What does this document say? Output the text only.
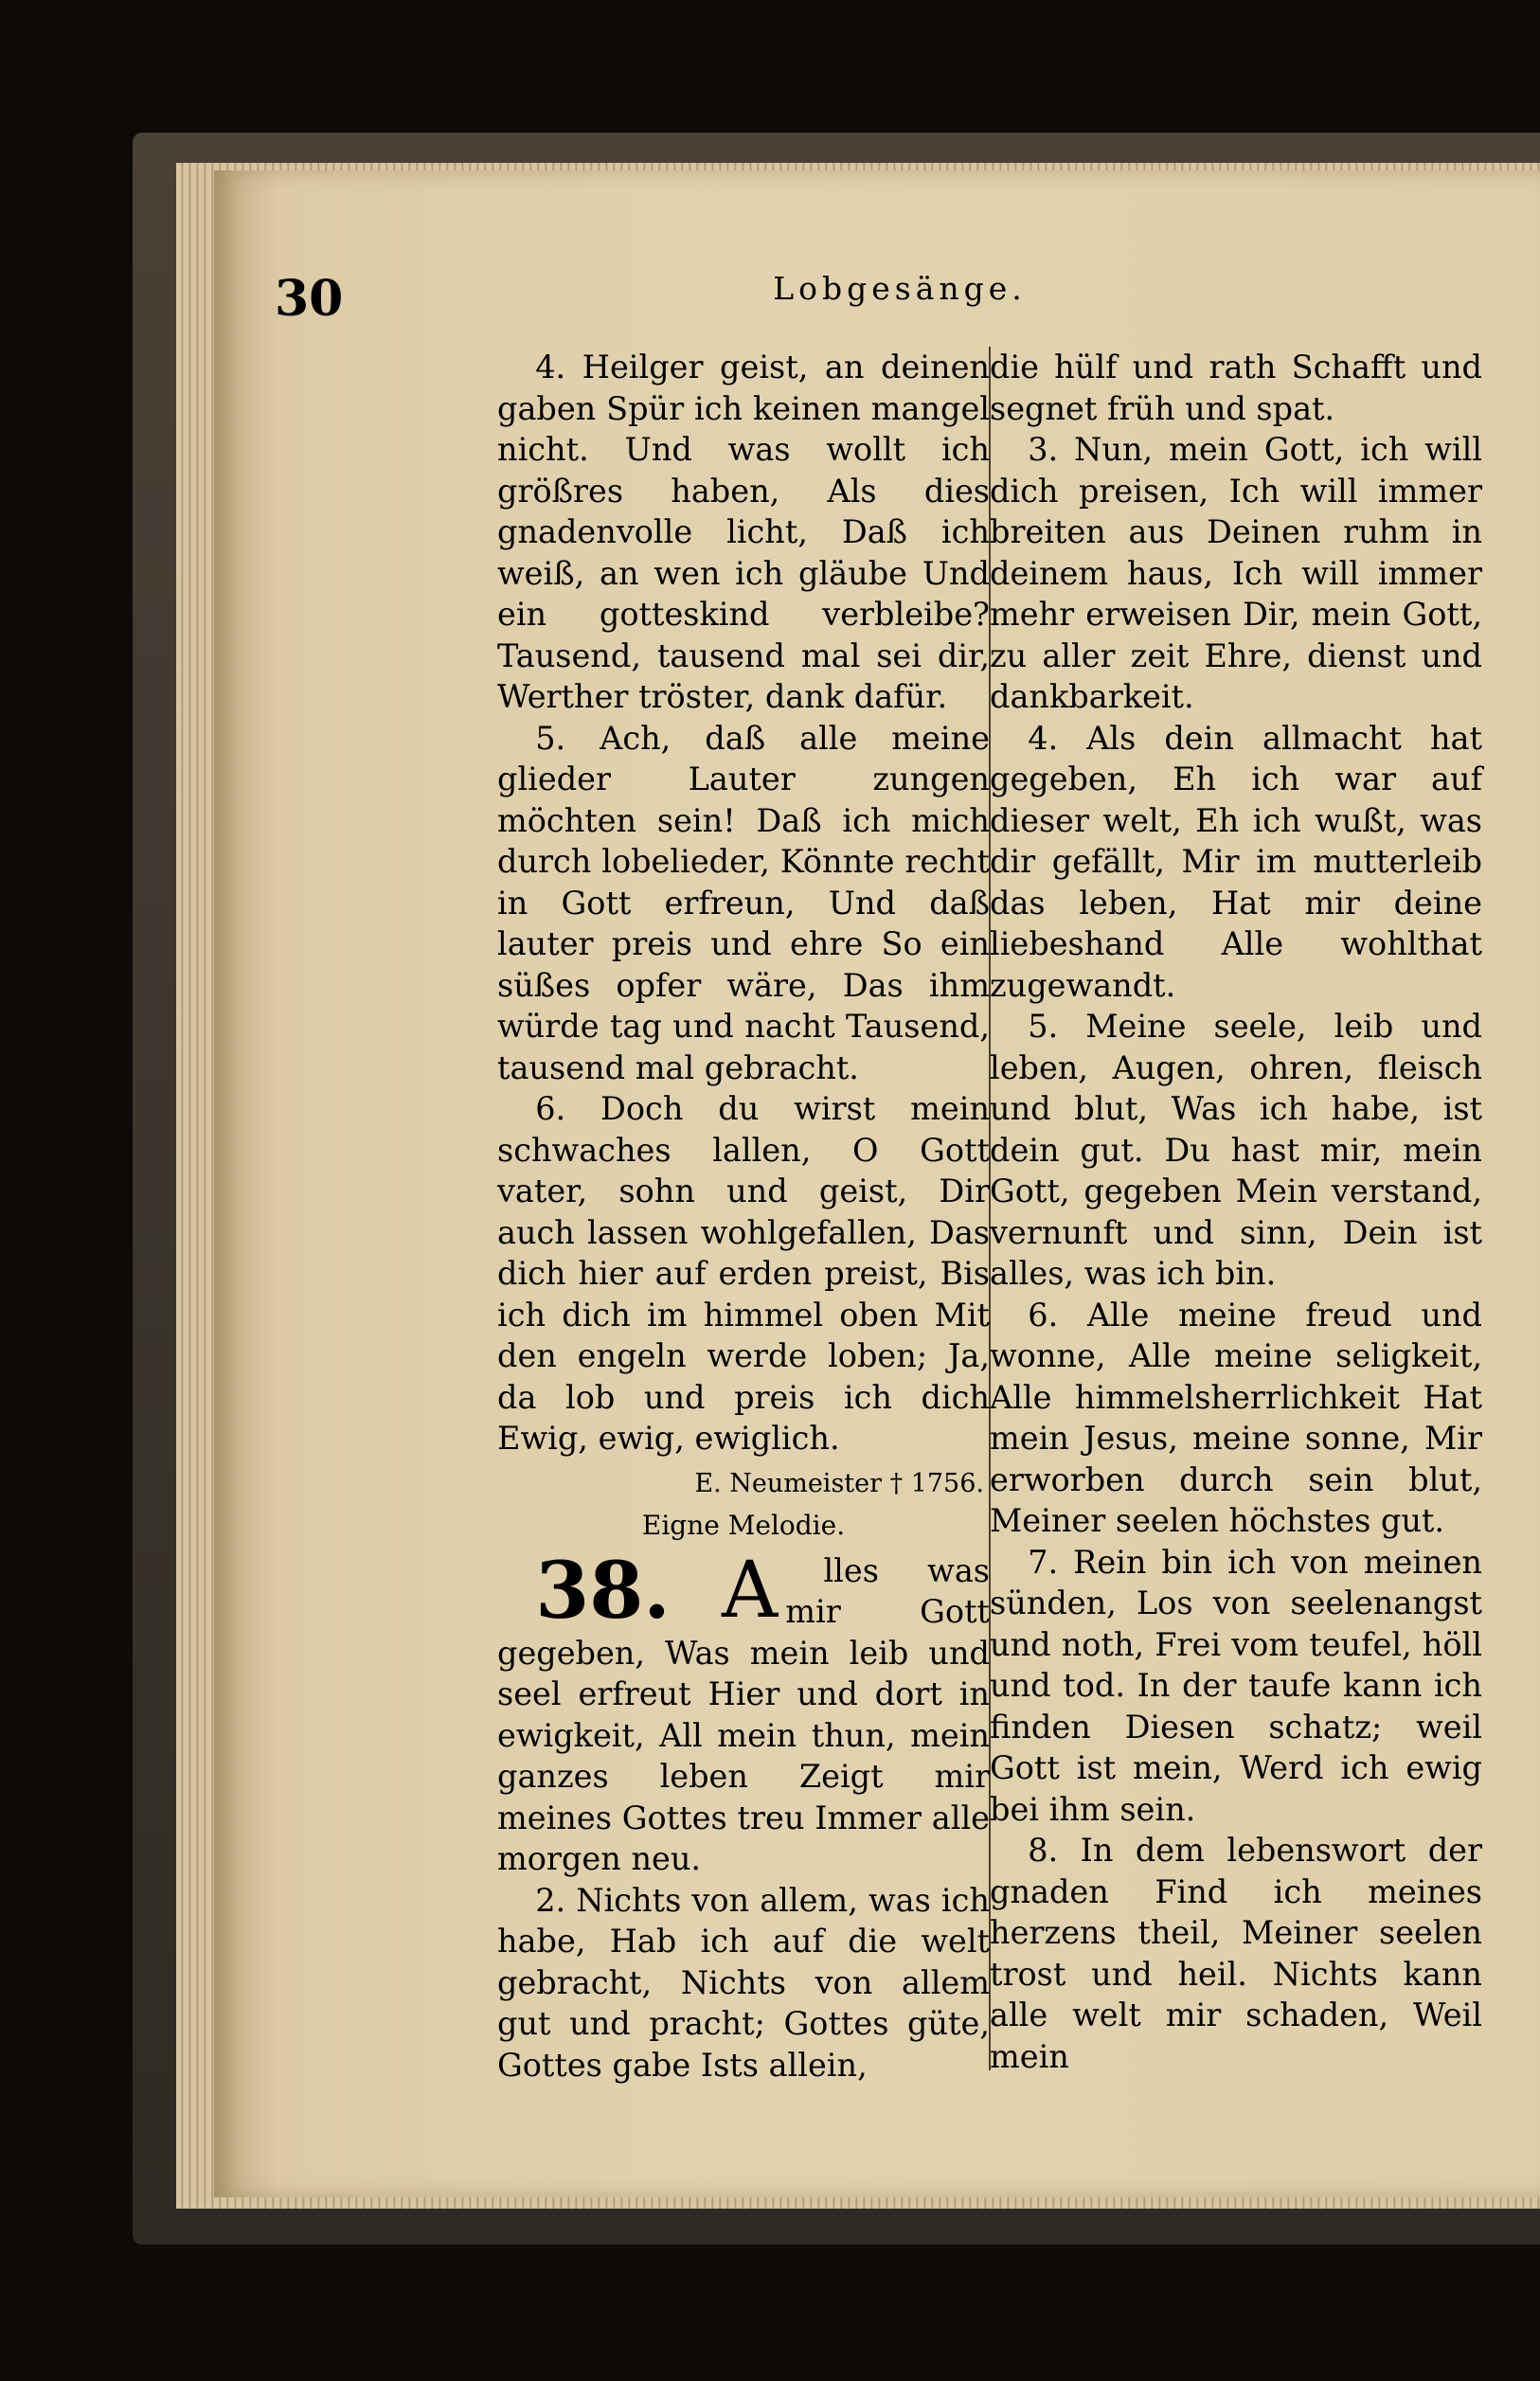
30	Lobgesänge.

4. Heilger geist, an deinen gaben Spür ich keinen mangel nicht. Und was wollt ich größres haben, Als dies gnadenvolle licht, Daß ich weiß, an wen ich gläube Und ein gotteskind verbleibe? Tausend, tausend mal sei dir, Werther tröster, dank dafür.

5. Ach, daß alle meine glieder Lauter zungen möchten sein! Daß ich mich durch lobelieder, Könnte recht in Gott erfreun, Und daß lauter preis und ehre So ein süßes opfer wäre, Das ihm würde tag und nacht Tausend, tausend mal gebracht.

6. Doch du wirst mein schwaches lallen, O Gott vater, sohn und geist, Dir auch lassen wohlgefallen, Das dich hier auf erden preist, Bis ich dich im himmel oben Mit den engeln werde loben; Ja, da lob und preis ich dich Ewig, ewig, ewiglich.

E. Neumeister † 1756.
Eigne Melodie.

38. A lles was mir Gott gegeben, Was mein leib und seel erfreut Hier und dort in ewigkeit, All mein thun, mein ganzes leben Zeigt mir meines Gottes treu Immer alle morgen neu.

2. Nichts von allem, was ich habe, Hab ich auf die welt gebracht, Nichts von allem gut und pracht; Gottes güte, Gottes gabe Ists allein,

die hülf und rath Schafft und segnet früh und spat.

3. Nun, mein Gott, ich will dich preisen, Ich will immer breiten aus Deinen ruhm in deinem haus, Ich will immer mehr erweisen Dir, mein Gott, zu aller zeit Ehre, dienst und dankbarkeit.

4. Als dein allmacht hat gegeben, Eh ich war auf dieser welt, Eh ich wußt, was dir gefällt, Mir im mutterleib das leben, Hat mir deine liebeshand Alle wohlthat zugewandt.

5. Meine seele, leib und leben, Augen, ohren, fleisch und blut, Was ich habe, ist dein gut. Du hast mir, mein Gott, gegeben Mein verstand, vernunft und sinn, Dein ist alles, was ich bin.

6. Alle meine freud und wonne, Alle meine seligkeit, Alle himmelsherrlichkeit Hat mein Jesus, meine sonne, Mir erworben durch sein blut, Meiner seelen höchstes gut.

7. Rein bin ich von meinen sünden, Los von seelenangst und noth, Frei vom teufel, höll und tod. In der taufe kann ich finden Diesen schatz; weil Gott ist mein, Werd ich ewig bei ihm sein.

8. In dem lebenswort der gnaden Find ich meines herzens theil, Meiner seelen trost und heil. Nichts kann alle welt mir schaden, Weil mein
